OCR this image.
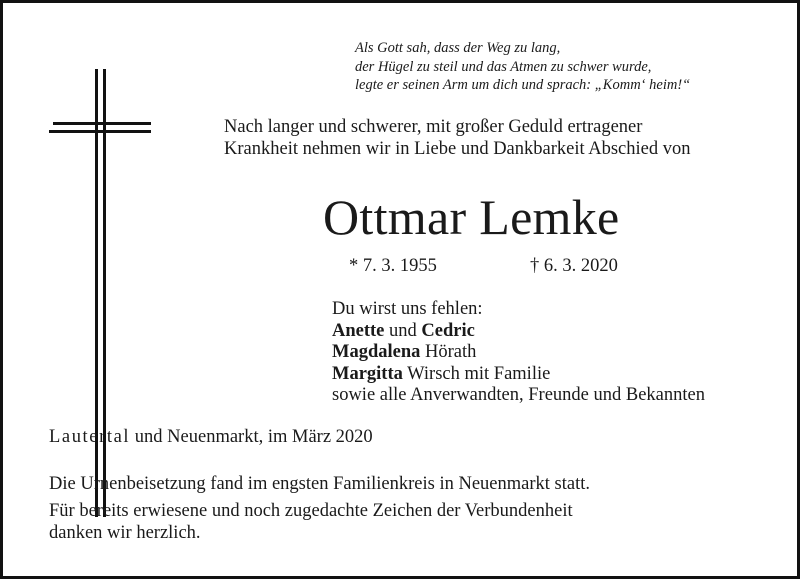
Als Gott sah, dass der Weg zu lang,
der Hügel zu steil und das Atmen zu schwer wurde,
legte er seinen Arm um dich und sprach: „Komm‘ heim!“
Nach langer und schwerer, mit großer Geduld ertragener
Krankheit nehmen wir in Liebe und Dankbarkeit Abschied von
Ottmar Lemke
* 7. 3. 1955	† 6. 3. 2020
Du wirst uns fehlen:
Anette und Cedric
Magdalena Hörath
Margitta Wirsch mit Familie
sowie alle Anverwandten, Freunde und Bekannten
Lautertal und Neuenmarkt, im März 2020
Die Urnenbeisetzung fand im engsten Familienkreis in Neuenmarkt statt.
Für bereits erwiesene und noch zugedachte Zeichen der Verbundenheit
danken wir herzlich.
